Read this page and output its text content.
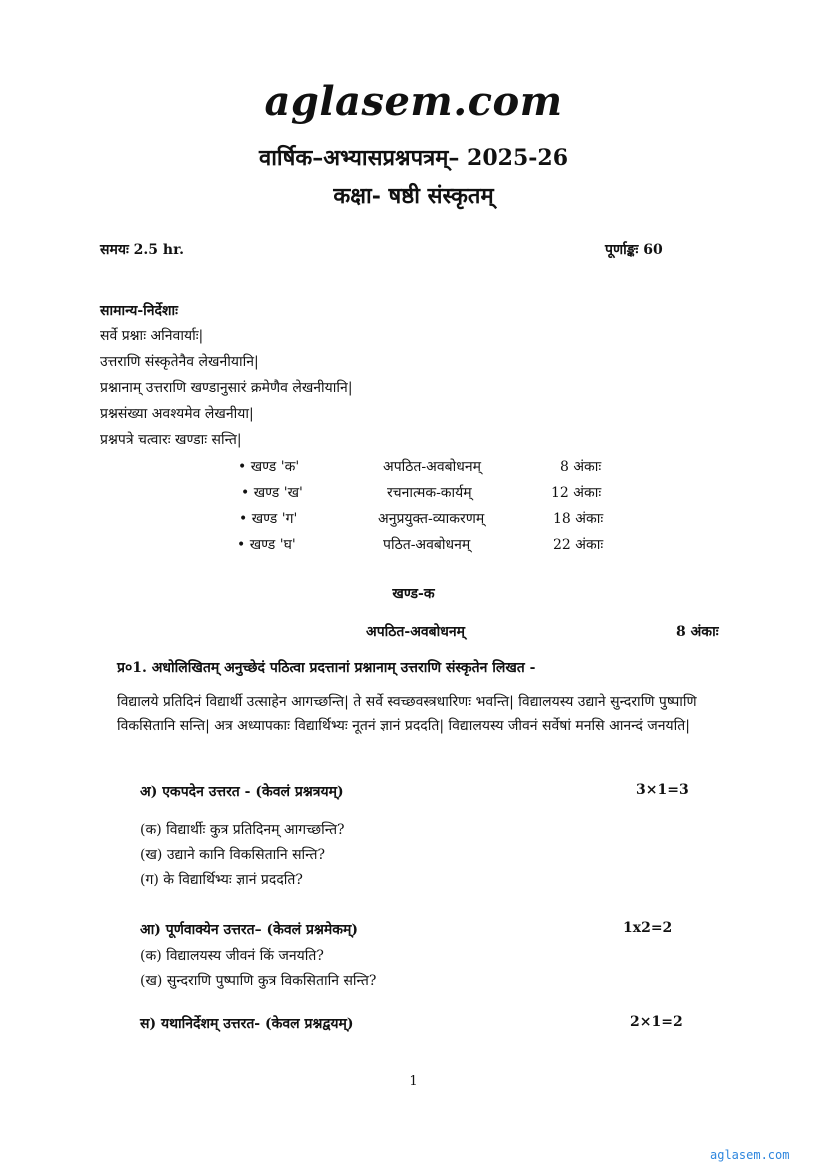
aglasem.com
वार्षिक–अभ्यासप्रश्नपत्रम्– 2025-26
कक्षा- षष्ठी संस्कृतम्
समयः 2.5 hr.	पूर्णाङ्कः 60
सामान्य-निर्देशाः
सर्वे प्रश्नाः अनिवार्याः|
उत्तराणि संस्कृतेनैव लेखनीयानि|
प्रश्नानाम् उत्तराणि खण्डानुसारं क्रमेणैव लेखनीयानि|
प्रश्नसंख्या अवश्यमेव लेखनीया|
प्रश्नपत्रे चत्वारः खण्डाः सन्ति|
• खण्ड 'क'	अपठित-अवबोधनम्	8 अंकाः
• खण्ड 'ख'	रचनात्मक-कार्यम्	12 अंकाः
• खण्ड 'ग'	अनुप्रयुक्त-व्याकरणम्	18 अंकाः
• खण्ड 'घ'	पठित-अवबोधनम्	22 अंकाः
खण्ड-क
अपठित-अवबोधनम्	8 अंकाः
प्र०1. अधोलिखितम् अनुच्छेदं पठित्वा प्रदत्तानां प्रश्नानाम् उत्तराणि संस्कृतेन लिखत -
विद्यालये प्रतिदिनं विद्यार्थी उत्साहेन आगच्छन्ति| ते सर्वे स्वच्छवस्त्रधारिणः भवन्ति| विद्यालयस्य उद्याने सुन्दराणि पुष्पाणि विकसितानि सन्ति| अत्र अध्यापकाः विद्यार्थिभ्यः नूतनं ज्ञानं प्रददति| विद्यालयस्य जीवनं सर्वेषां मनसि आनन्दं जनयति|
अ) एकपदेन उत्तरत - (केवलं प्रश्नत्रयम्)	3×1=3
(क) विद्यार्थीः कुत्र प्रतिदिनम् आगच्छन्ति?
(ख) उद्याने कानि विकसितानि सन्ति?
(ग) के विद्यार्थिभ्यः ज्ञानं प्रददति?
आ) पूर्णवाक्येन उत्तरत– (केवलं प्रश्नमेकम्)	1x2=2
(क) विद्यालयस्य जीवनं किं जनयति?
(ख) सुन्दराणि पुष्पाणि कुत्र विकसितानि सन्ति?
स) यथानिर्देशम् उत्तरत- (केवल प्रश्नद्वयम्)	2×1=2
1
aglasem.com
